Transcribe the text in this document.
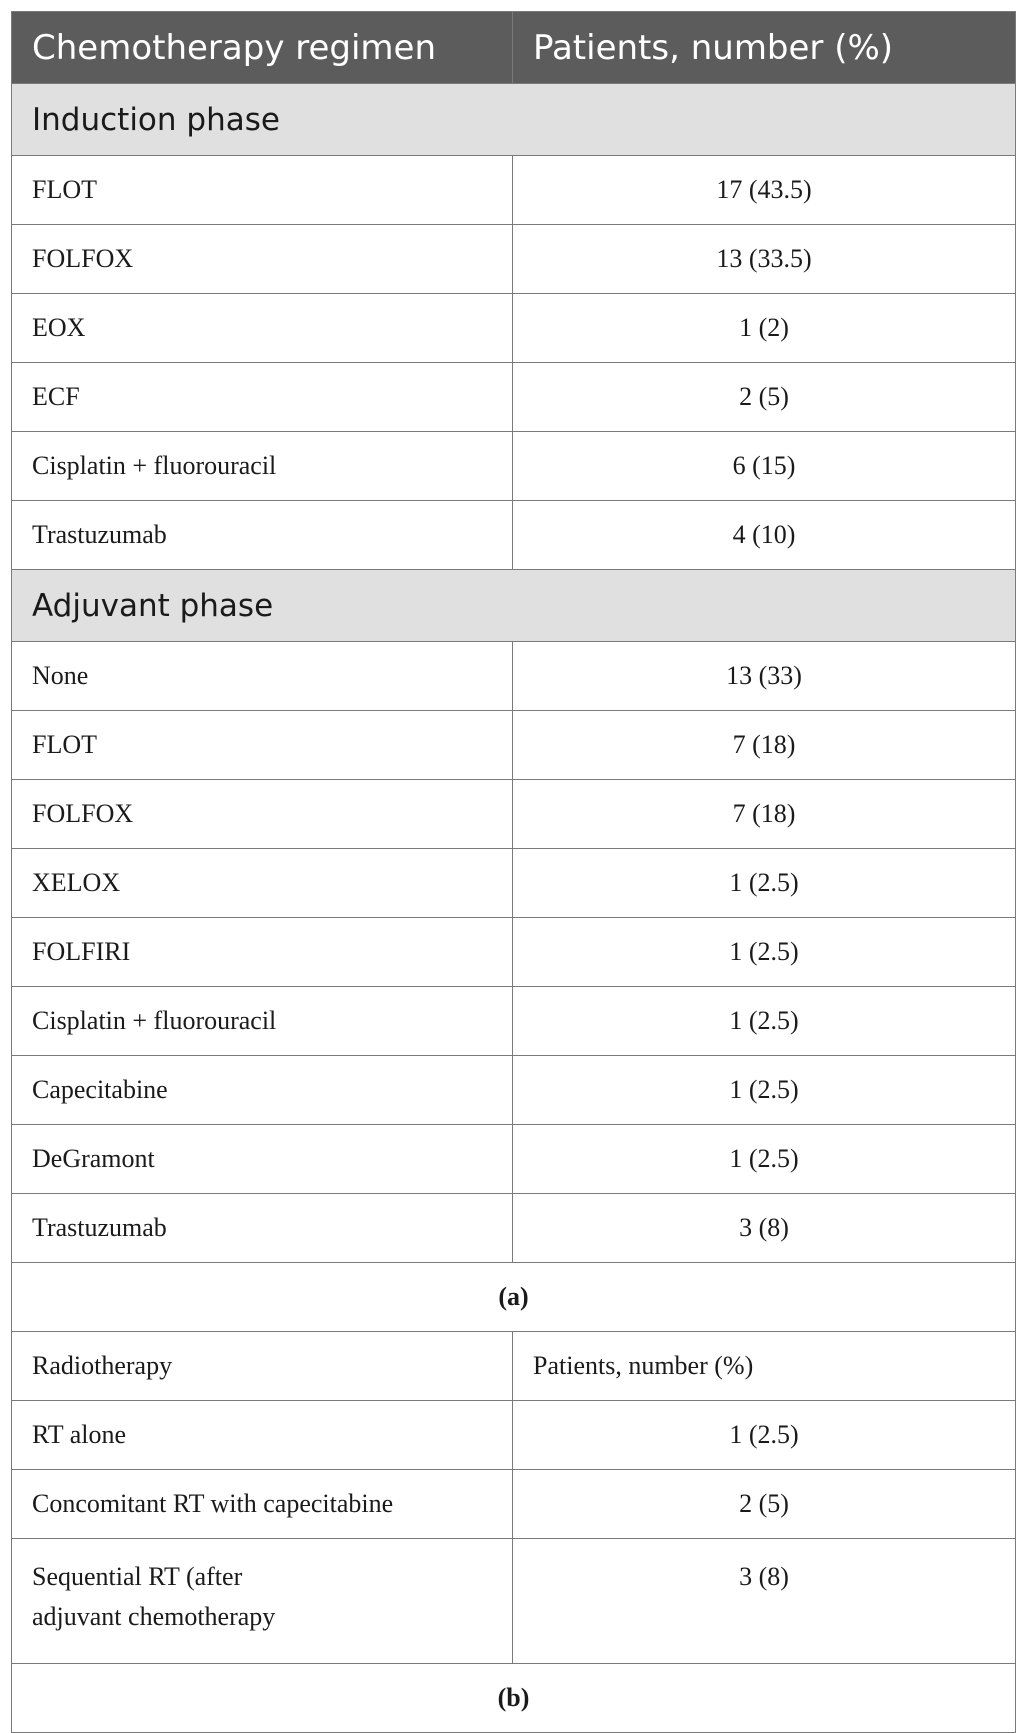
Chemotherapy regimen	Patients, number (%)
Induction phase	
FLOT	17 (43.5)
FOLFOX	13 (33.5)
EOX	1 (2)
ECF	2 (5)
Cisplatin + fluorouracil	6 (15)
Trastuzumab	4 (10)
Adjuvant phase	
None	13 (33)
FLOT	7 (18)
FOLFOX	7 (18)
XELOX	1 (2.5)
FOLFIRI	1 (2.5)
Cisplatin + fluorouracil	1 (2.5)
Capecitabine	1 (2.5)
DeGramont	1 (2.5)
Trastuzumab	3 (8)
(a)	
Radiotherapy	Patients, number (%)
RT alone	1 (2.5)
Concomitant RT with capecitabine	2 (5)

Sequential RT (after
adjuvant chemotherapy	3 (8)
(b)	
